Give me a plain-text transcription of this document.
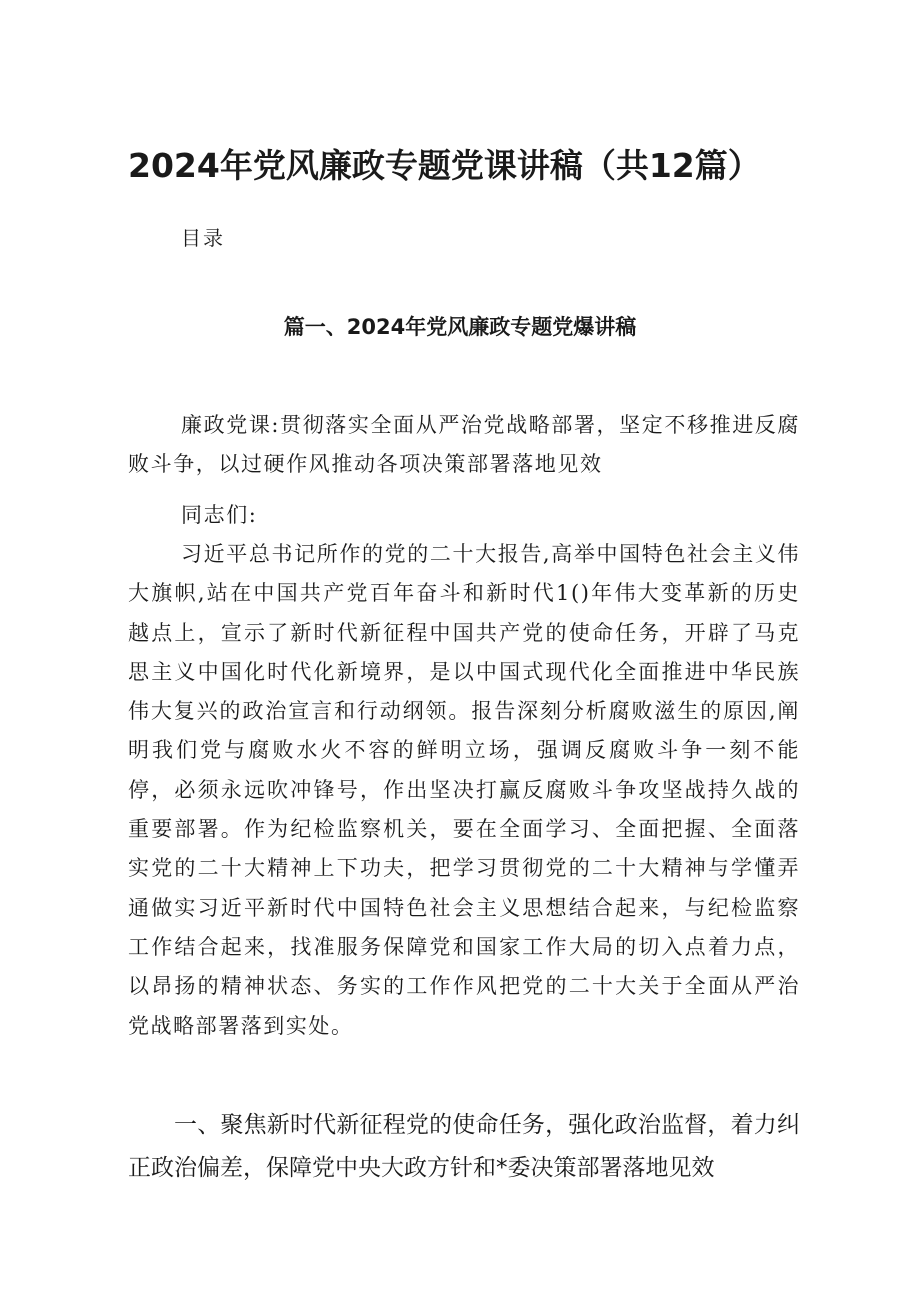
2024年党风廉政专题党课讲稿（共12篇）

目录

篇一、2024年党风廉政专题党爆讲稿

廉政党课:贯彻落实全面从严治党战略部署，坚定不移推进反腐败斗争，以过硬作风推动各项决策部署落地见效

同志们:

习近平总书记所作的党的二十大报告,高举中国特色社会主义伟大旗帜,站在中国共产党百年奋斗和新时代1()年伟大变革新的历史越点上，宣示了新时代新征程中国共产党的使命任务，开辟了马克思主义中国化时代化新境界，是以中国式现代化全面推进中华民族伟大复兴的政治宣言和行动纲领。报告深刻分析腐败滋生的原因,阐明我们党与腐败水火不容的鲜明立场，强调反腐败斗争一刻不能停，必须永远吹冲锋号，作出坚决打赢反腐败斗争攻坚战持久战的重要部署。作为纪检监察机关，要在全面学习、全面把握、全面落实党的二十大精神上下功夫，把学习贯彻党的二十大精神与学懂弄通做实习近平新时代中国特色社会主义思想结合起来，与纪检监察工作结合起来，找准服务保障党和国家工作大局的切入点着力点，以昂扬的精神状态、务实的工作作风把党的二十大关于全面从严治党战略部署落到实处。

一、聚焦新时代新征程党的使命任务，强化政治监督，着力纠正政治偏差，保障党中央大政方针和*委决策部署落地见效
